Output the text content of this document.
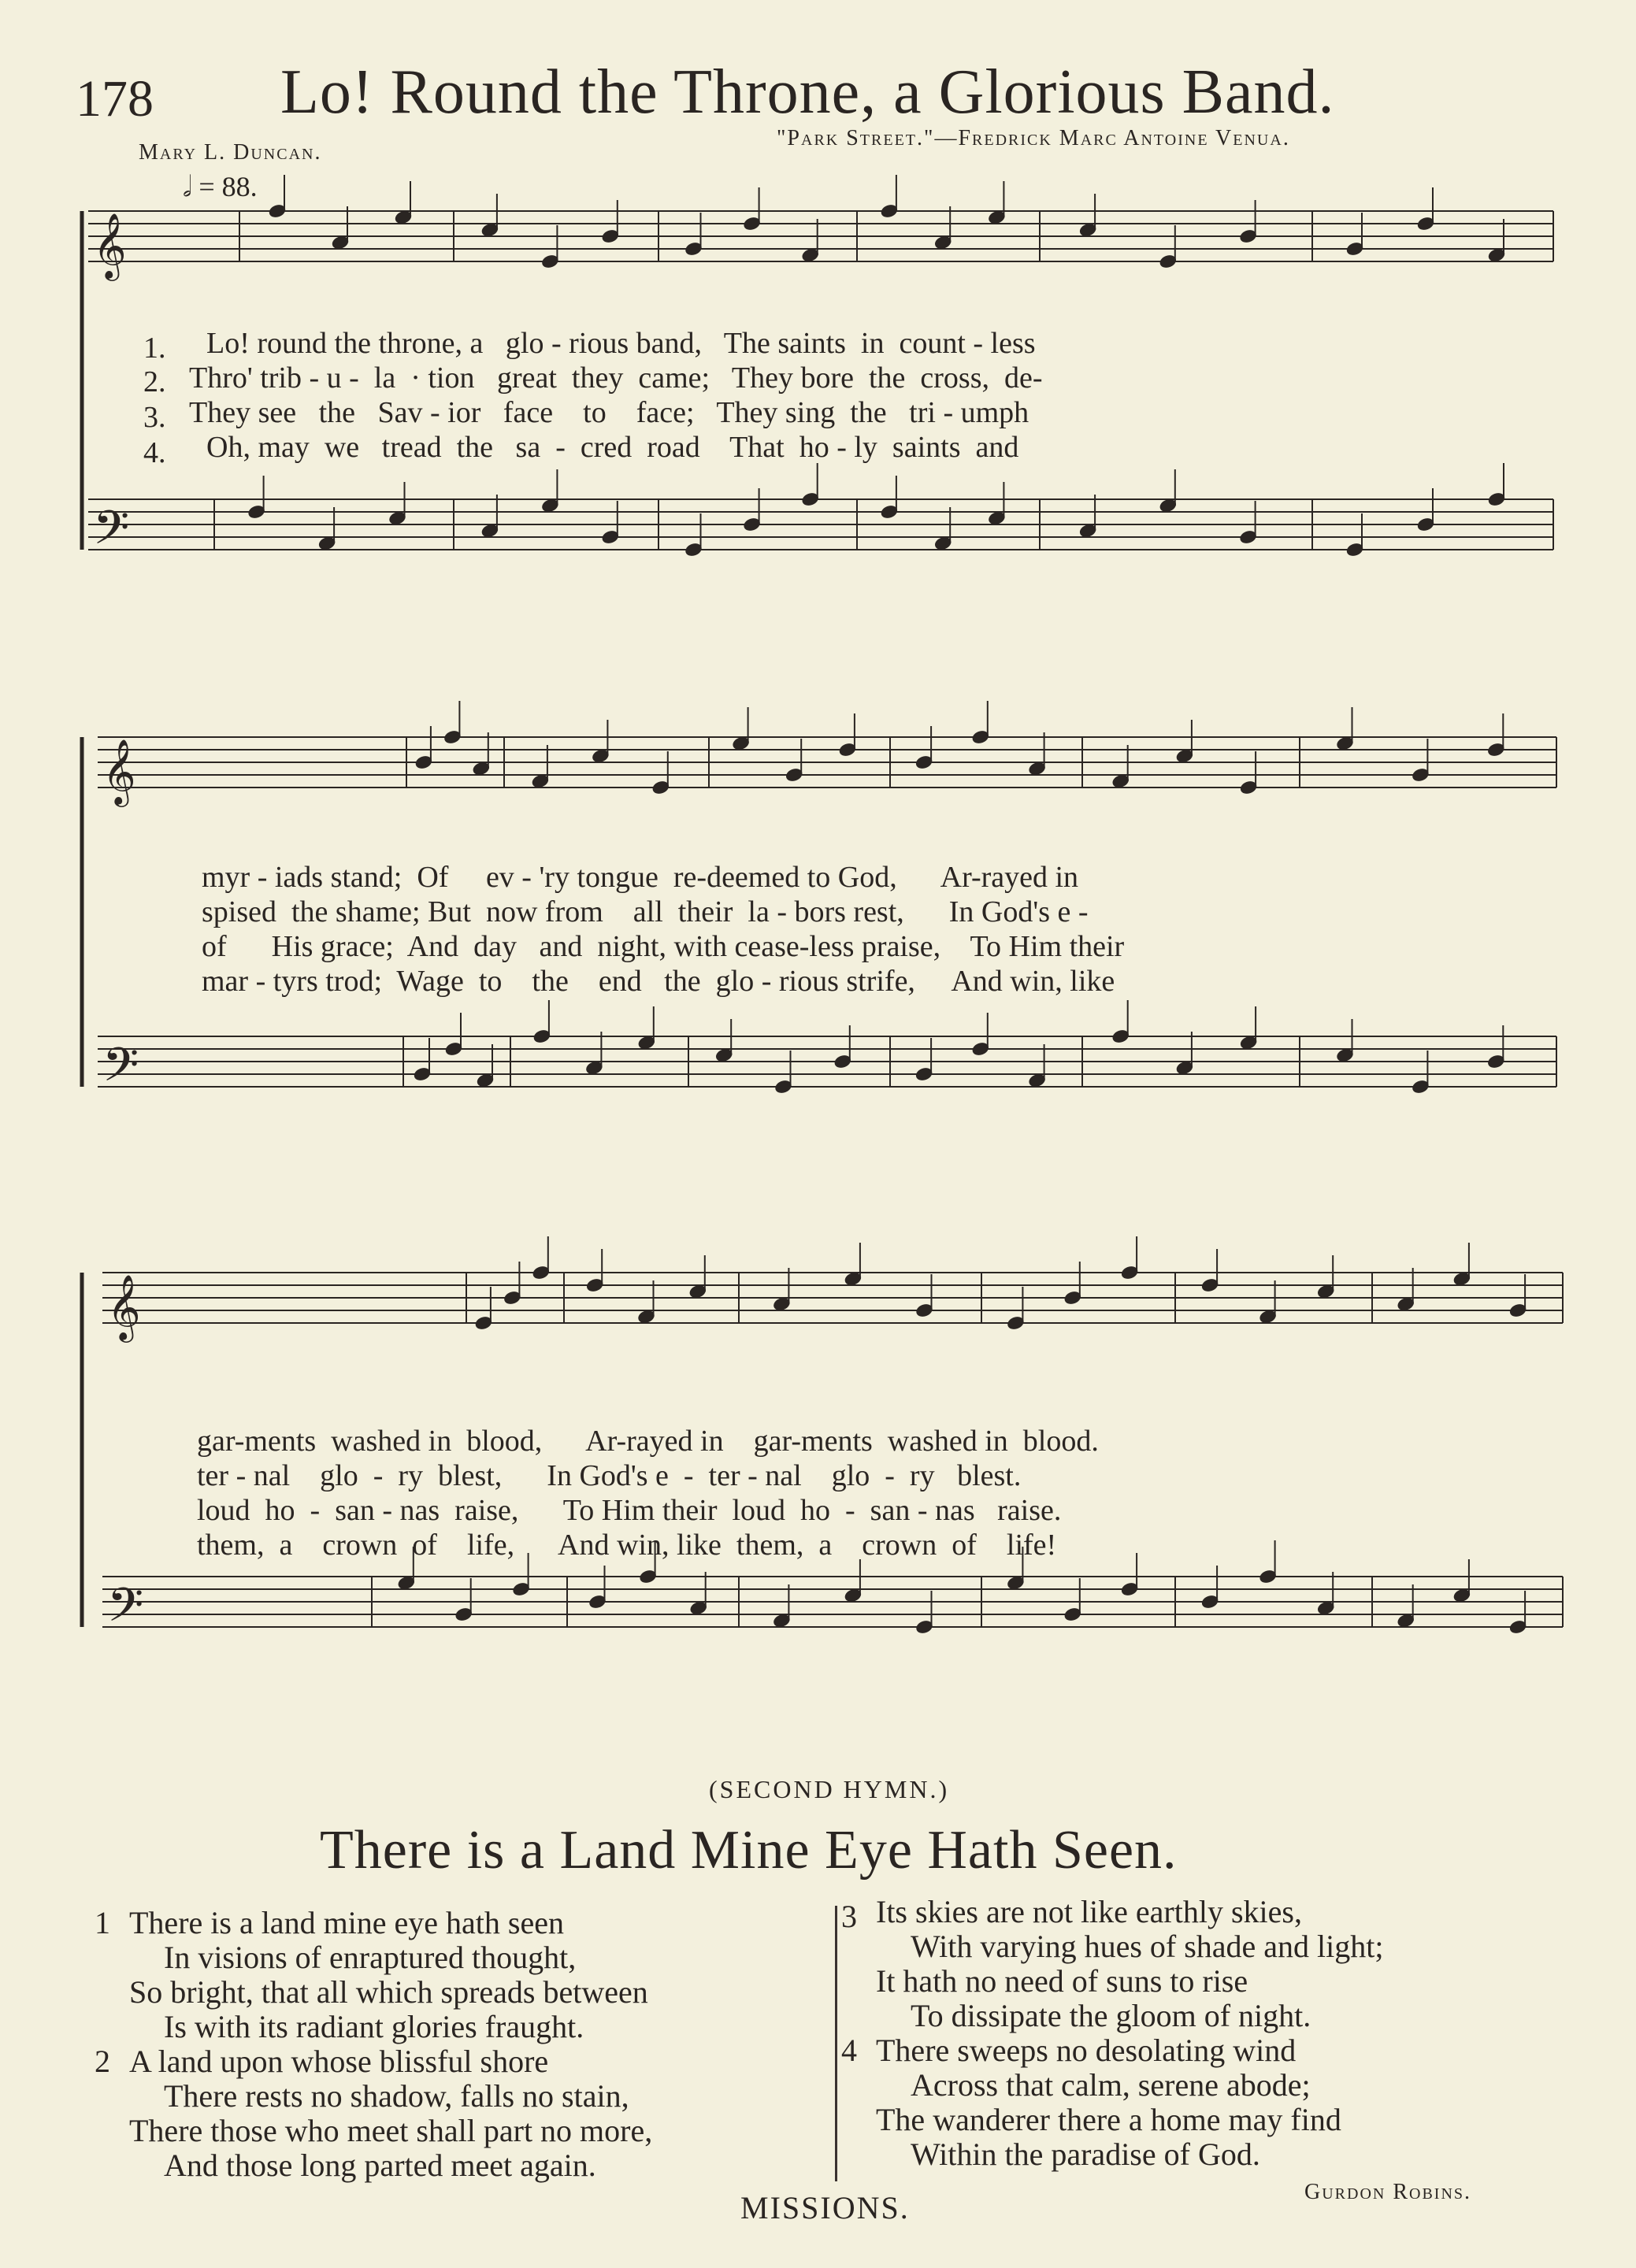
178 Lo! Round the Throne, a Glorious Band.
Mary L. Duncan.
"Park Street."—Fredrick Marc Antoine Venua.
𝅗𝅥 = 88.
𝄞
𝄢
𝄞
𝄢
𝄞
𝄢
1.
2.
3.
4.
Lo! round the throne, a   glo - rious band,   The saints  in  count - less
Thro' trib - u -  la  · tion   great  they  came;   They bore  the  cross,  de-
They see   the   Sav - ior   face    to    face;   They sing  the   tri - umph
Oh, may  we   tread  the   sa  -  cred  road    That  ho - ly  saints  and
myr - iads stand;  Of     ev - 'ry tongue  re-deemed to God,      Ar-rayed in
spised  the shame; But  now from    all  their  la - bors rest,      In God's e -
of      His grace;  And  day   and  night, with cease-less praise,    To Him their
mar - tyrs trod;  Wage  to    the    end   the  glo - rious strife,     And win, like
gar-ments  washed in  blood,      Ar-rayed in    gar-ments  washed in  blood.
ter - nal    glo  -  ry  blest,      In God's e  -  ter - nal    glo  -  ry   blest.
loud  ho  -  san - nas  raise,      To Him their  loud  ho  -  san - nas   raise.
them,  a    crown  of    life,      And win, like  them,  a    crown  of    life!
(SECOND HYMN.)
There is a Land Mine Eye Hath Seen.
1 There is a land mine eye hath seen
In visions of enraptured thought,
So bright, that all which spreads between
Is with its radiant glories fraught.
2 A land upon whose blissful shore
There rests no shadow, falls no stain,
There those who meet shall part no more,
And those long parted meet again.
3 Its skies are not like earthly skies,
With varying hues of shade and light;
It hath no need of suns to rise
To dissipate the gloom of night.
4 There sweeps no desolating wind
Across that calm, serene abode;
The wanderer there a home may find
Within the paradise of God.
MISSIONS.	Gurdon Robins.
